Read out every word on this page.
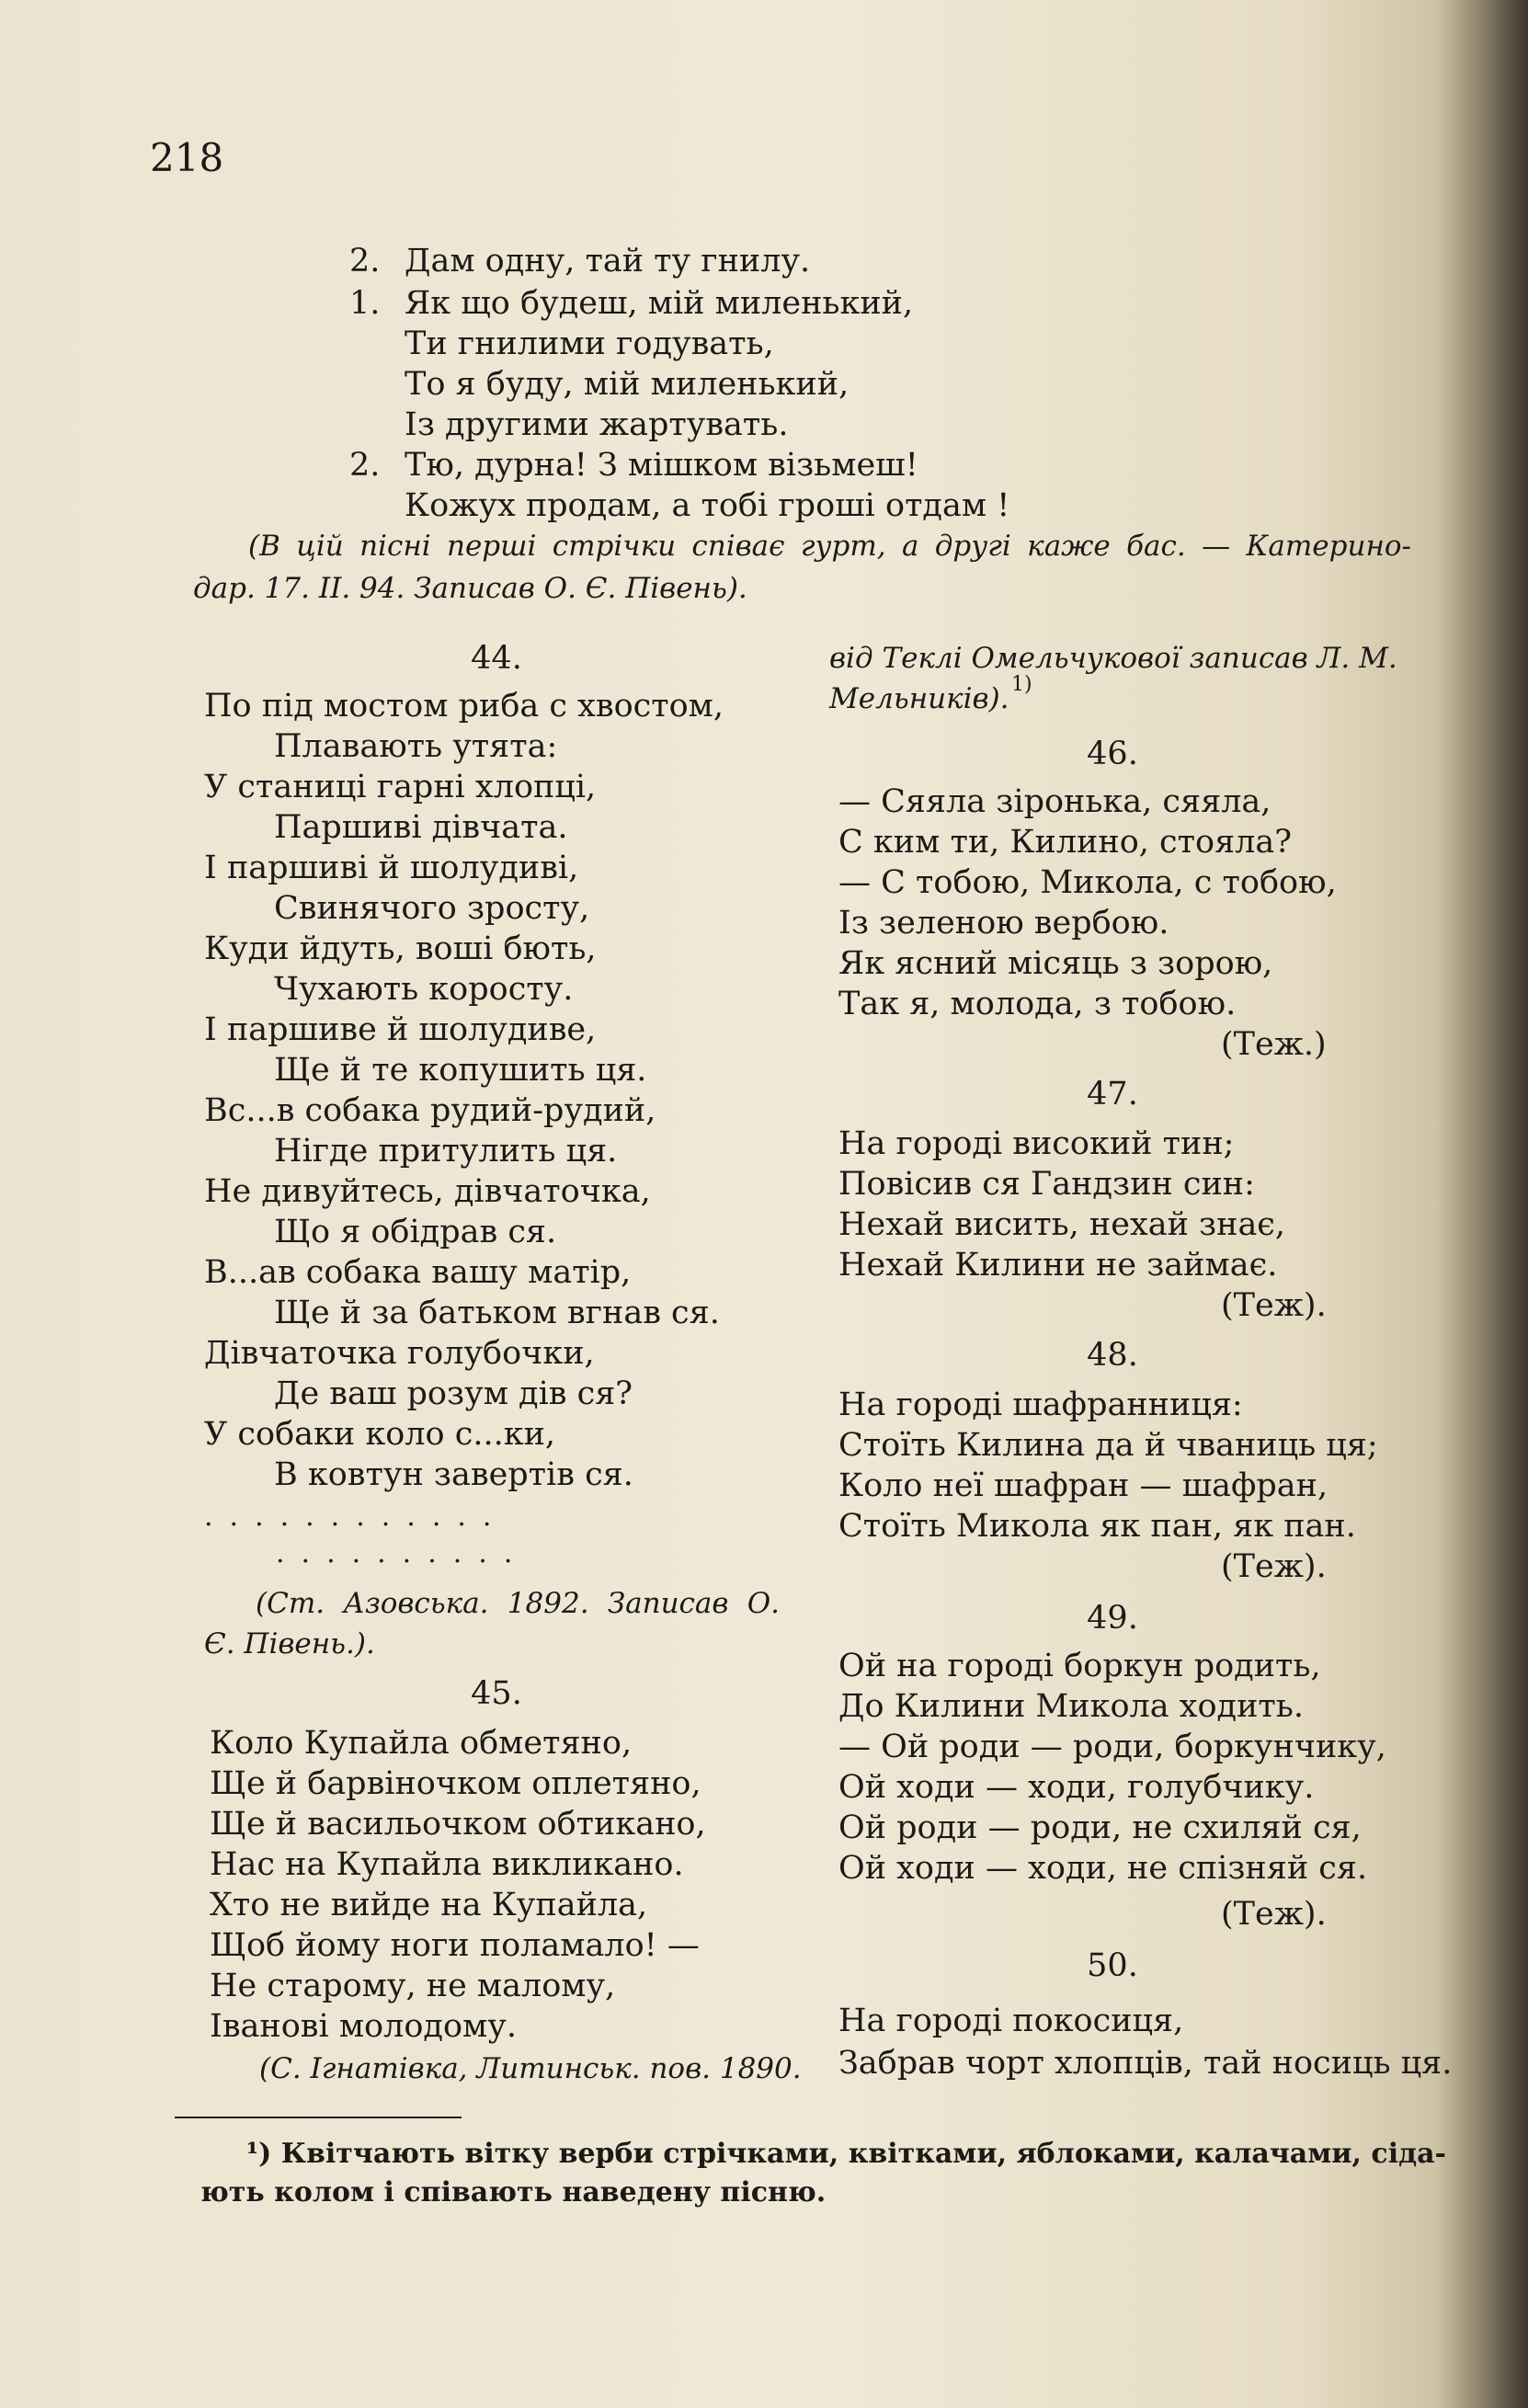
218
2. Дам одну, тай ту гнилу.
1. Як що будеш, мій миленький,
Ти гнилими годувать,
То я буду, мій миленький,
Із другими жартувать.
2. Тю, дурна! З мішком візьмеш!
Кожух продам, а тобі гроші отдам !
(В цій пісні перші стрічки співає гурт, а другі каже бас. — Катерино-
дар. 17. II. 94. Записав О. Є. Півень).
44.
По під мостом риба с хвостом,
Плавають утята:
У станиці гарні хлопці,
Паршиві дівчата.
І паршиві й шолудиві,
Свинячого зросту,
Куди йдуть, воші бють,
Чухають коросту.
І паршиве й шолудиве,
Ще й те копушить ця.
Вс...в собака рудий-рудий,
Нігде притулить ця.
Не дивуйтесь, дівчаточка,
Що я обідрав ся.
В...ав собака вашу матір,
Ще й за батьком вгнав ся.
Дівчаточка голубочки,
Де ваш розум дів ся?
У собаки коло с...ки,
В ковтун завертів ся.
............
..........
(Ст. Азовська. 1892. Записав О.
Є. Півень.).
45.
Коло Купайла обметяно,
Ще й барвіночком оплетяно,
Ще й васильочком обтикано,
Нас на Купайла викликано.
Хто не вийде на Купайла,
Щоб йому ноги поламало! —
Не старому, не малому,
Іванові молодому.
(С. Ігнатівка, Литинськ. пов. 1890.
від Теклі Омельчукової записав Л. М.
Мельників). 1)
46.
— Сяяла зіронька, сяяла,
С ким ти, Килино, стояла?
— С тобою, Микола, с тобою,
Із зеленою вербою.
Як ясний місяць з зорою,
Так я, молода, з тобою.
(Теж.)
47.
На городі високий тин;
Повісив ся Гандзин син:
Нехай висить, нехай знає,
Нехай Килини не займає.
(Теж).
48.
На городі шафранниця:
Стоїть Килина да й чваниць ця;
Коло неї шафран — шафран,
Стоїть Микола як пан, як пан.
(Теж).
49.
Ой на городі боркун родить,
До Килини Микола ходить.
— Ой роди — роди, боркунчику,
Ой ходи — ходи, голубчику.
Ой роди — роди, не схиляй ся,
Ой ходи — ходи, не спізняй ся.
(Теж).
50.
На городі покосиця,
Забрав чорт хлопців, тай носиць ця.
¹) Квітчають вітку верби стрічками, квітками, яблоками, калачами, сіда-
ють колом і співають наведену пісню.
